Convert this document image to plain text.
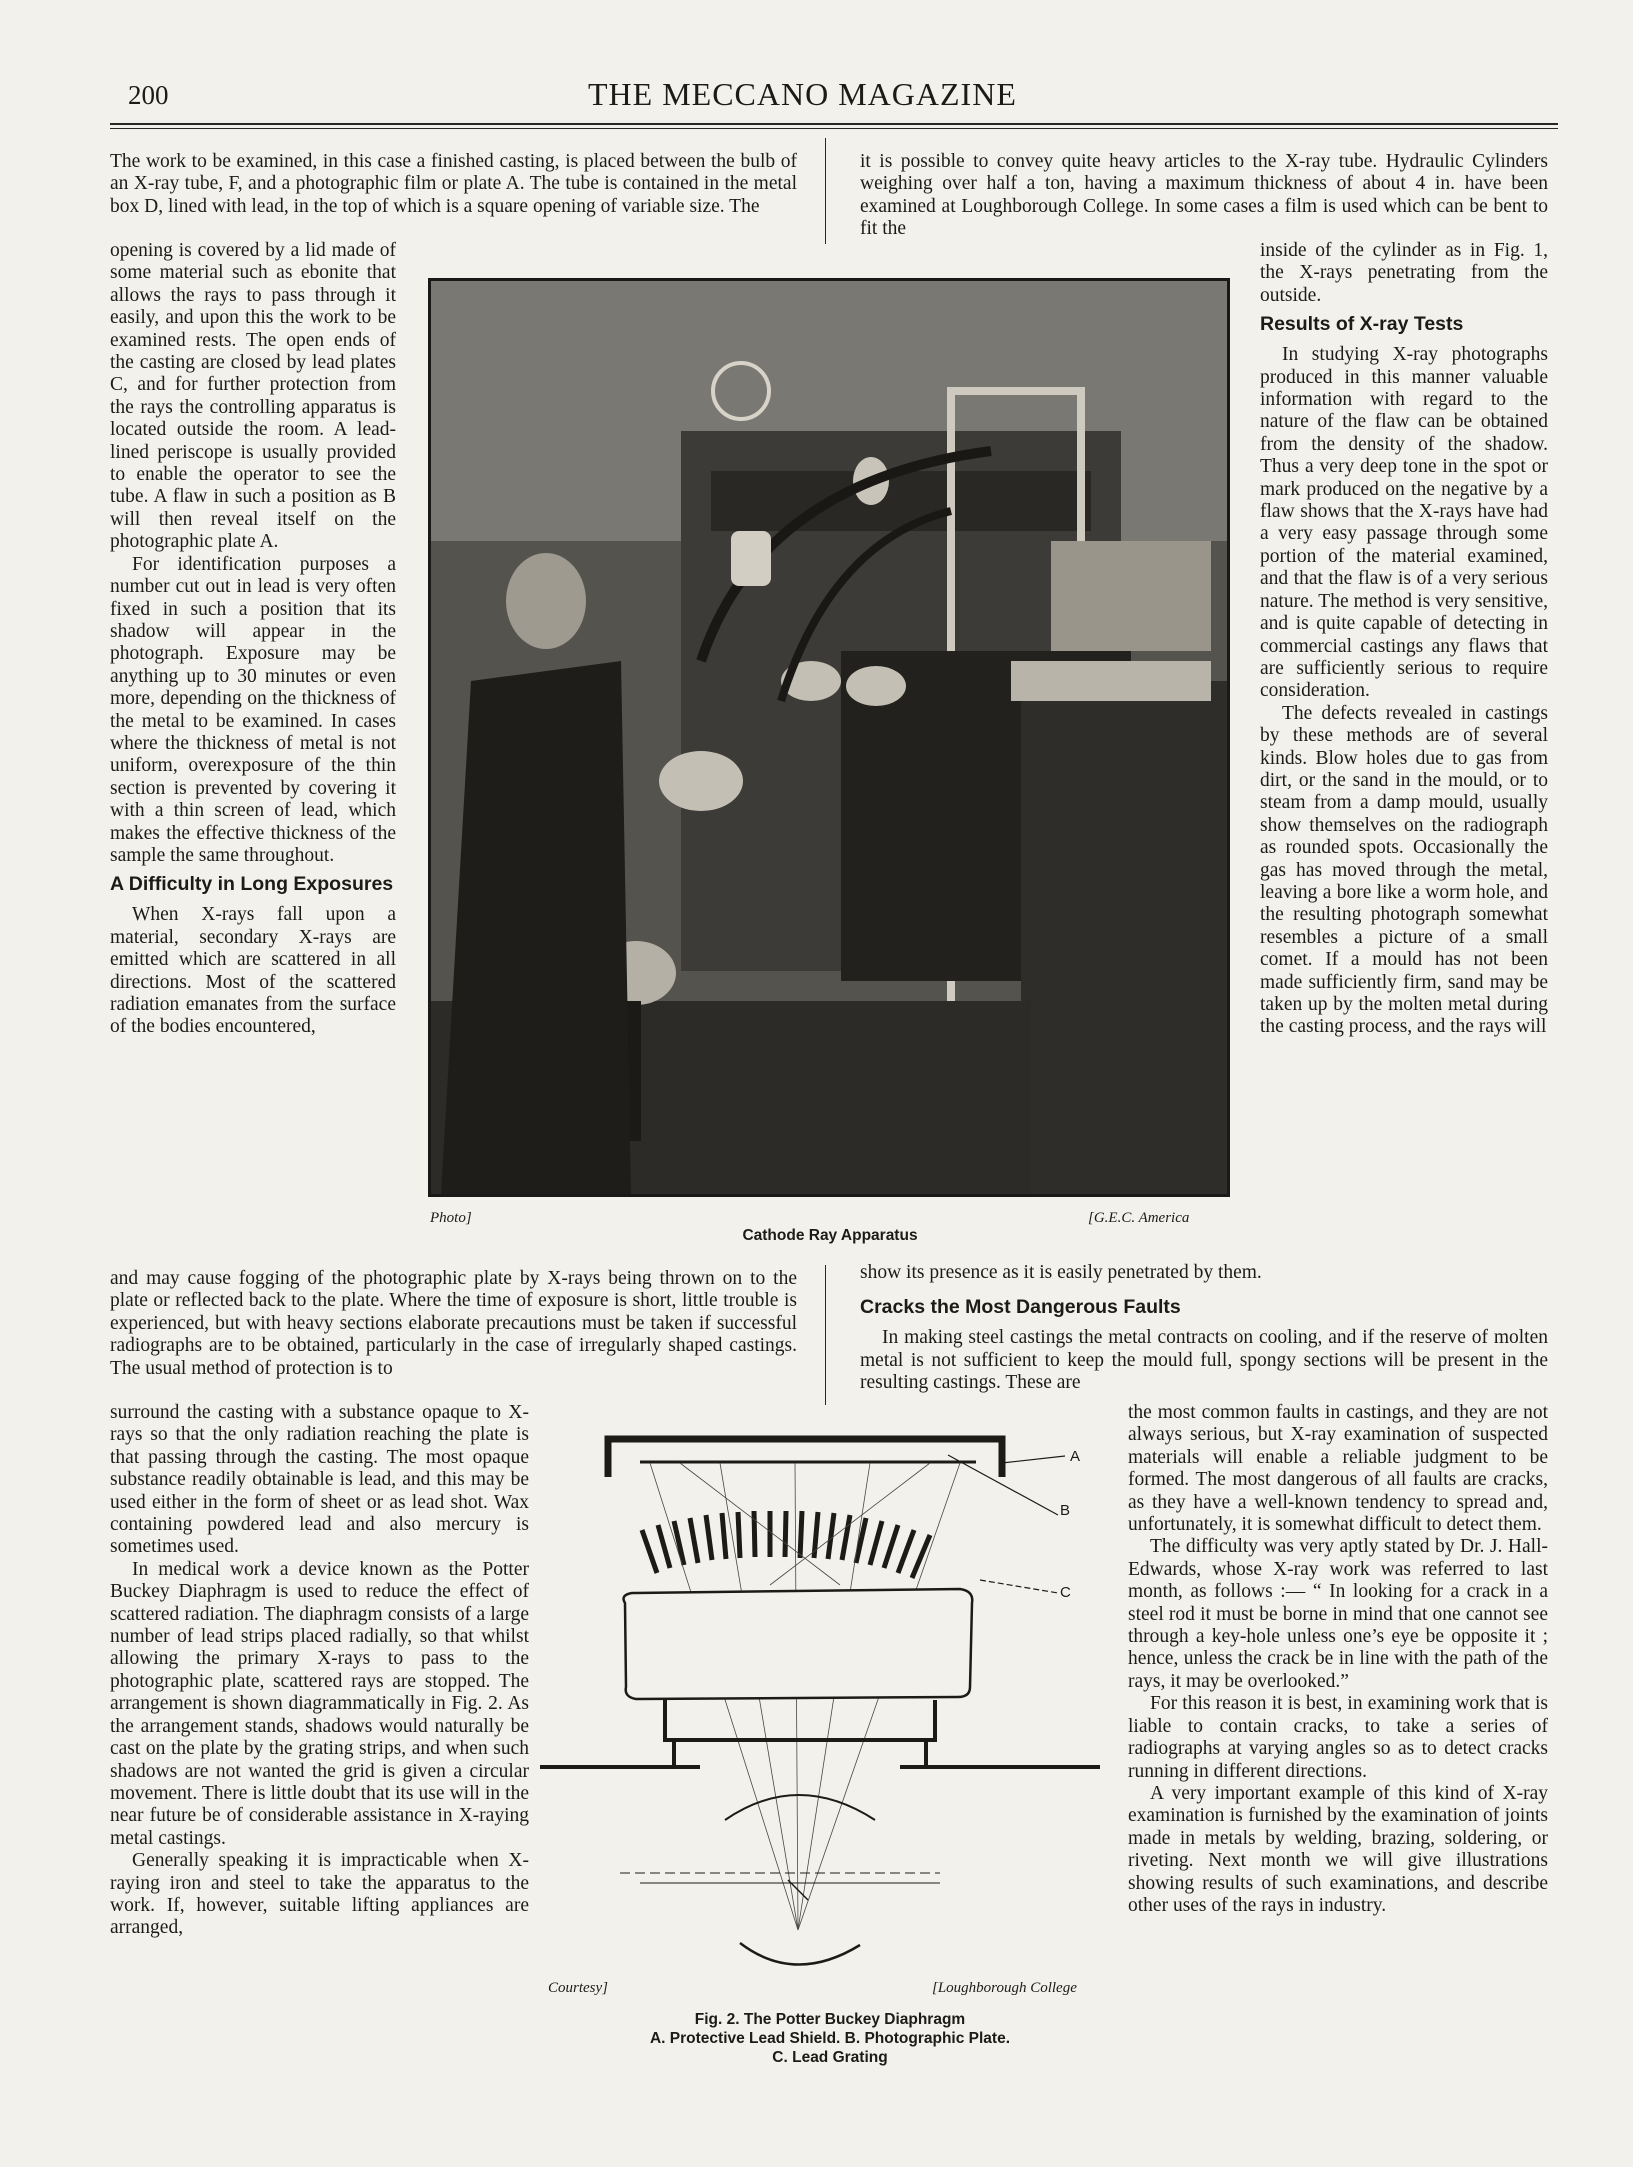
200	THE MECCANO MAGAZINE

The work to be examined, in this case a finished casting, is placed between the bulb of an X-ray tube, F, and a photographic film or plate A. The tube is contained in the metal box D, lined with lead, in the top of which is a square opening of variable size. The

opening is covered by a lid made of some material such as ebonite that allows the rays to pass through it easily, and upon this the work to be examined rests. The open ends of the casting are closed by lead plates C, and for further protection from the rays the controlling apparatus is located outside the room. A lead-lined periscope is usually provided to enable the operator to see the tube. A flaw in such a position as B will then reveal itself on the photographic plate A.

For identification purposes a number cut out in lead is very often fixed in such a position that its shadow will appear in the photograph. Exposure may be anything up to 30 minutes or even more, depending on the thickness of the metal to be examined. In cases where the thickness of metal is not uniform, overexposure of the thin section is prevented by covering it with a thin screen of lead, which makes the effective thickness of the sample the same throughout.

A Difficulty in Long Exposures

When X-rays fall upon a material, secondary X-rays are emitted which are scattered in all directions. Most of the scattered radiation emanates from the surface of the bodies encountered,

Photo]	[G.E.C. America
Cathode Ray Apparatus

and may cause fogging of the photographic plate by X-rays being thrown on to the plate or reflected back to the plate. Where the time of exposure is short, little trouble is experienced, but with heavy sections elaborate precautions must be taken if successful radiographs are to be obtained, particularly in the case of irregularly shaped castings. The usual method of protection is to

surround the casting with a substance opaque to X-rays so that the only radiation reaching the plate is that passing through the casting. The most opaque substance readily obtainable is lead, and this may be used either in the form of sheet or as lead shot. Wax containing powdered lead and also mercury is sometimes used.

In medical work a device known as the Potter Buckey Diaphragm is used to reduce the effect of scattered radiation. The diaphragm consists of a large number of lead strips placed radially, so that whilst allowing the primary X-rays to pass to the photographic plate, scattered rays are stopped. The arrangement is shown diagrammatically in Fig. 2. As the arrangement stands, shadows would naturally be cast on the plate by the grating strips, and when such shadows are not wanted the grid is given a circular movement. There is little doubt that its use will in the near future be of considerable assistance in X-raying metal castings.

Generally speaking it is impracticable when X-raying iron and steel to take the apparatus to the work. If, however, suitable lifting appliances are arranged,

it is possible to convey quite heavy articles to the X-ray tube. Hydraulic Cylinders weighing over half a ton, having a maximum thickness of about 4 in. have been examined at Loughborough College. In some cases a film is used which can be bent to fit the

inside of the cylinder as in Fig. 1, the X-rays penetrating from the outside.

Results of X-ray Tests

In studying X-ray photographs produced in this manner valuable information with regard to the nature of the flaw can be obtained from the density of the shadow. Thus a very deep tone in the spot or mark produced on the negative by a flaw shows that the X-rays have had a very easy passage through some portion of the material examined, and that the flaw is of a very serious nature. The method is very sensitive, and is quite capable of detecting in commercial castings any flaws that are sufficiently serious to require consideration.

The defects revealed in castings by these methods are of several kinds. Blow holes due to gas from dirt, or the sand in the mould, or to steam from a damp mould, usually show themselves on the radiograph as rounded spots. Occasionally the gas has moved through the metal, leaving a bore like a worm hole, and the resulting photograph somewhat resembles a picture of a small comet. If a mould has not been made sufficiently firm, sand may be taken up by the molten metal during the casting process, and the rays will

show its presence as it is easily penetrated by them.

Cracks the Most Dangerous Faults

In making steel castings the metal contracts on cooling, and if the reserve of molten metal is not sufficient to keep the mould full, spongy sections will be present in the resulting castings. These are

the most common faults in castings, and they are not always serious, but X-ray examination of suspected materials will enable a reliable judgment to be formed. The most dangerous of all faults are cracks, as they have a well-known tendency to spread and, unfortunately, it is somewhat difficult to detect them.

The difficulty was very aptly stated by Dr. J. Hall-Edwards, whose X-ray work was referred to last month, as follows :— “ In looking for a crack in a steel rod it must be borne in mind that one cannot see through a key-hole unless one’s eye be opposite it ; hence, unless the crack be in line with the path of the rays, it may be overlooked.”

For this reason it is best, in examining work that is liable to contain cracks, to take a series of radiographs at varying angles so as to detect cracks running in different directions.

A very important example of this kind of X-ray examination is furnished by the examination of joints made in metals by welding, brazing, soldering, or riveting. Next month we will give illustrations showing results of such examinations, and describe other uses of the rays in industry.

A
B
C
Courtesy]	[Loughborough College
Fig. 2. The Potter Buckey Diaphragm
A. Protective Lead Shield. B. Photographic Plate.
C. Lead Grating
